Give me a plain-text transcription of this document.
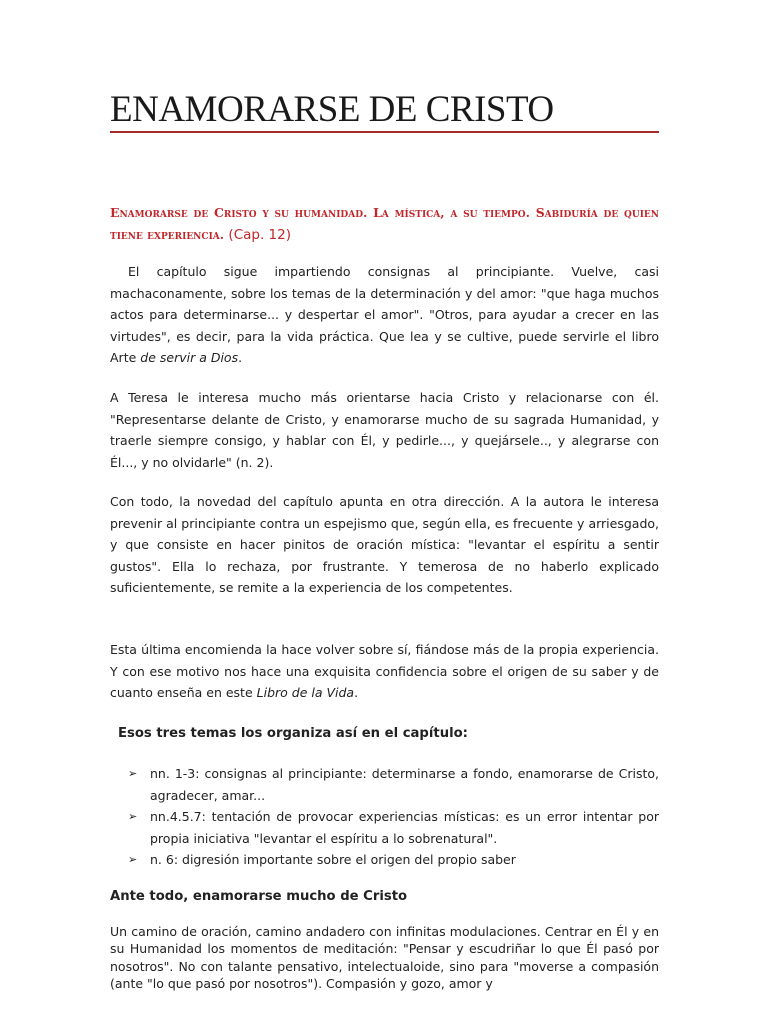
ENAMORARSE DE CRISTO
Enamorarse de Cristo y su humanidad. La mística, a su tiempo. Sabiduría de quien tiene experiencia. (Cap. 12)

El capítulo sigue impartiendo consignas al principiante. Vuelve, casi machaconamente, sobre los temas de la determinación y del amor: "que haga muchos actos para determinarse... y despertar el amor". "Otros, para ayudar a crecer en las virtudes", es decir, para la vida práctica. Que lea y se cultive, puede servirle el libro Arte de servir a Dios.

A Teresa le interesa mucho más orientarse hacia Cristo y relacionarse con él. "Representarse delante de Cristo, y enamorarse mucho de su sagrada Humanidad, y traerle siempre consigo, y hablar con Él, y pedirle..., y quejársele.., y alegrarse con Él..., y no olvidarle" (n. 2).

Con todo, la novedad del capítulo apunta en otra dirección. A la autora le interesa prevenir al principiante contra un espejismo que, según ella, es frecuente y arriesgado, y que consiste en hacer pinitos de oración mística: "levantar el espíritu a sentir gustos". Ella lo rechaza, por frustrante. Y temerosa de no haberlo explicado suficientemente, se remite a la experiencia de los competentes.

Esta última encomienda la hace volver sobre sí, fiándose más de la propia experiencia. Y con ese motivo nos hace una exquisita confidencia sobre el origen de su saber y de cuanto enseña en este Libro de la Vida.

Esos tres temas los organiza así en el capítulo:
➢ nn. 1-3: consignas al principiante: determinarse a fondo, enamorarse de Cristo, agradecer, amar...
➢ nn.4.5.7: tentación de provocar experiencias místicas: es un error intentar por propia iniciativa "levantar el espíritu a lo sobrenatural".
➢ n. 6: digresión importante sobre el origen del propio saber
Ante todo, enamorarse mucho de Cristo

Un camino de oración, camino andadero con infinitas modulaciones. Centrar en Él y en su Humanidad los momentos de meditación: "Pensar y escudriñar lo que Él pasó por nosotros". No con talante pensativo, intelectualoide, sino para "moverse a compasión (ante "lo que pasó por nosotros"). Compasión y gozo, amor y
